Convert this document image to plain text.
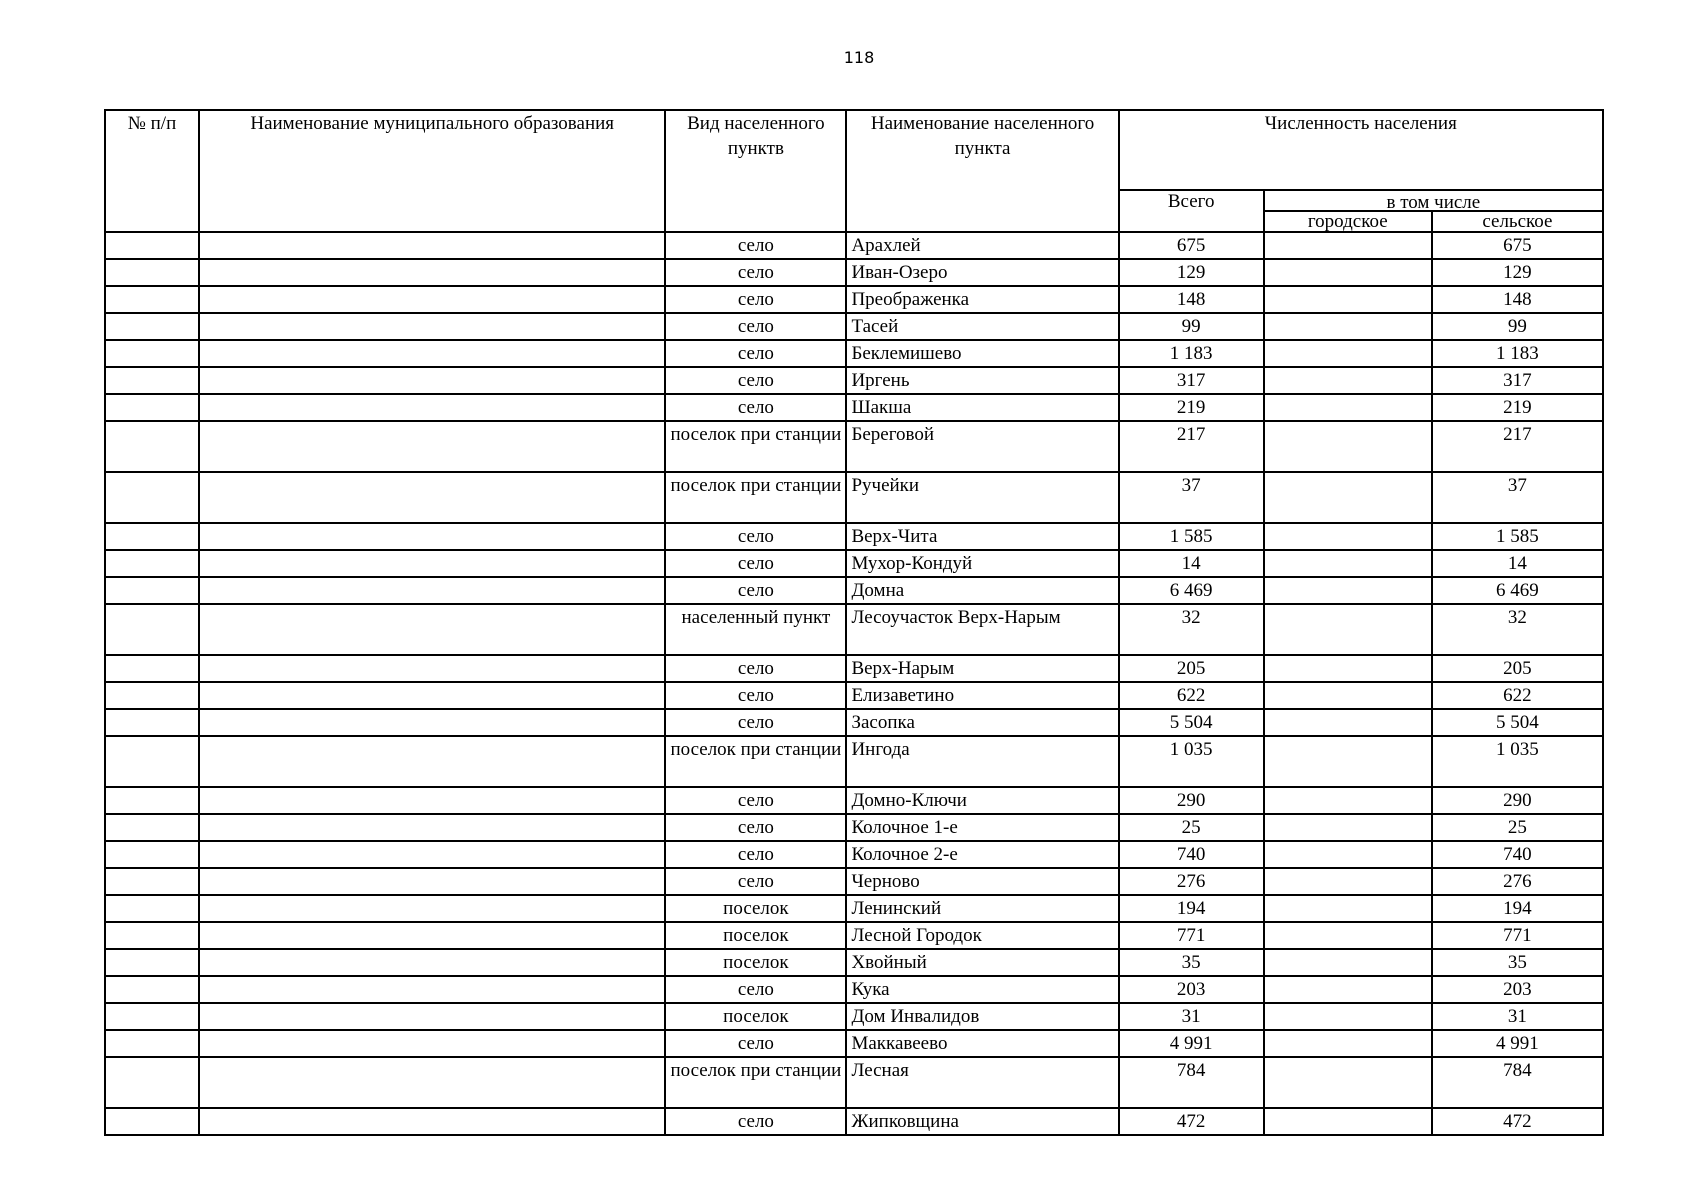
118
№ п/п	Наименование муниципального образования	Вид населенного пунктв	Наименование населенного пункта	Численность населения		
				Всего	в том числе	
					городское	сельское
		село	Арахлей	675		675
		село	Иван-Озеро	129		129
		село	Преображенка	148		148
		село	Тасей	99		99
		село	Беклемишево	1 183		1 183
		село	Иргень	317		317
		село	Шакша	219		219
		поселок при станции	Береговой	217		217
		поселок при станции	Ручейки	37		37
		село	Верх-Чита	1 585		1 585
		село	Мухор-Кондуй	14		14
		село	Домна	6 469		6 469
		населенный пункт	Лесоучасток Верх-Нарым	32		32
		село	Верх-Нарым	205		205
		село	Елизаветино	622		622
		село	Засопка	5 504		5 504
		поселок при станции	Ингода	1 035		1 035
		село	Домно-Ключи	290		290
		село	Колочное 1-е	25		25
		село	Колочное 2-е	740		740
		село	Черново	276		276
		поселок	Ленинский	194		194
		поселок	Лесной Городок	771		771
		поселок	Хвойный	35		35
		село	Кука	203		203
		поселок	Дом Инвалидов	31		31
		село	Маккавеево	4 991		4 991
		поселок при станции	Лесная	784		784
		село	Жипковщина	472		472
